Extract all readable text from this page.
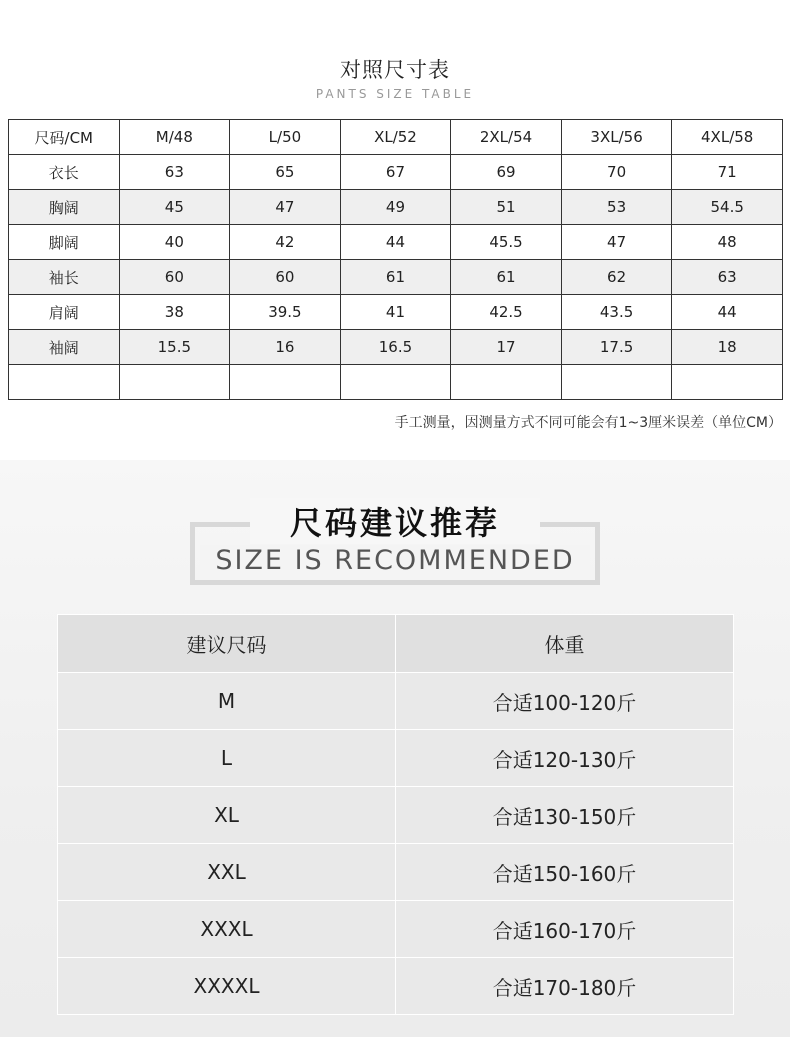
对照尺寸表
PANTS SIZE TABLE
尺码/CM	M/48	L/50	XL/52	2XL/54	3XL/56	4XL/58
衣长	63	65	67	69	70	71
胸阔	45	47	49	51	53	54.5
脚阔	40	42	44	45.5	47	48
袖长	60	60	61	61	62	63
肩阔	38	39.5	41	42.5	43.5	44
袖阔	15.5	16	16.5	17	17.5	18

手工测量，因测量方式不同可能会有1~3厘米误差（单位CM）
尺码建议推荐
SIZE IS RECOMMENDED
建议尺码	体重
M	合适100-120斤
L	合适120-130斤
XL	合适130-150斤
XXL	合适150-160斤
XXXL	合适160-170斤
XXXXL	合适170-180斤
